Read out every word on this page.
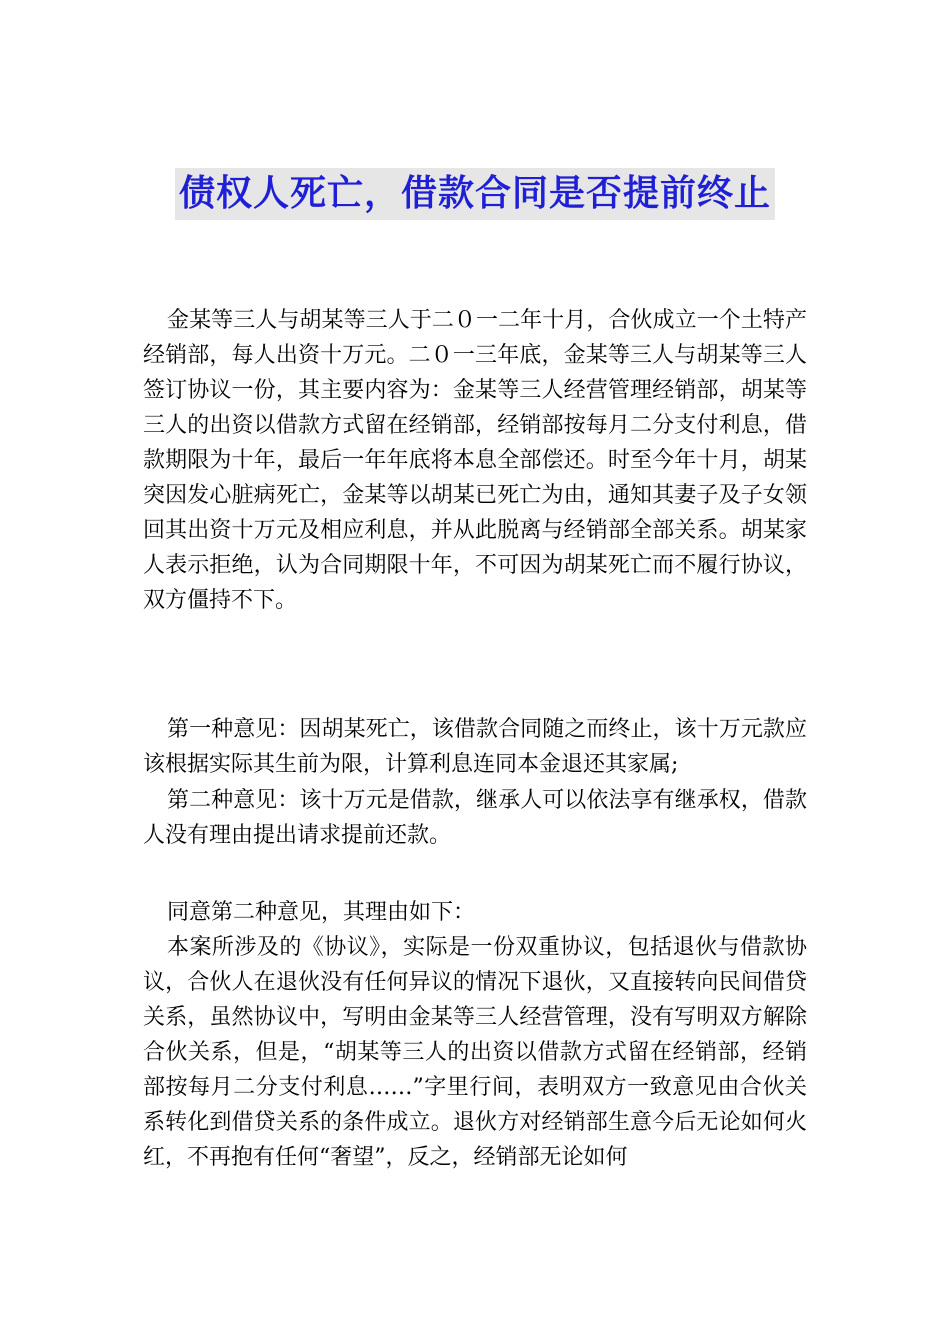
债权人死亡，借款合同是否提前终止

金某等三人与胡某等三人于二０一二年十月，合伙成立一个土特产经销部，每人出资十万元。二０一三年底，金某等三人与胡某等三人签订协议一份，其主要内容为：金某等三人经营管理经销部，胡某等三人的出资以借款方式留在经销部，经销部按每月二分支付利息，借款期限为十年，最后一年年底将本息全部偿还。时至今年十月，胡某突因发心脏病死亡，金某等以胡某已死亡为由，通知其妻子及子女领回其出资十万元及相应利息，并从此脱离与经销部全部关系。胡某家人表示拒绝，认为合同期限十年，不可因为胡某死亡而不履行协议，双方僵持不下。

第一种意见：因胡某死亡，该借款合同随之而终止，该十万元款应该根据实际其生前为限，计算利息连同本金退还其家属;

第二种意见：该十万元是借款，继承人可以依法享有继承权，借款人没有理由提出请求提前还款。

同意第二种意见，其理由如下：

本案所涉及的《协议》，实际是一份双重协议，包括退伙与借款协议，合伙人在退伙没有任何异议的情况下退伙，又直接转向民间借贷关系，虽然协议中，写明由金某等三人经营管理，没有写明双方解除合伙关系，但是，“胡某等三人的出资以借款方式留在经销部，经销部按每月二分支付利息……”字里行间，表明双方一致意见由合伙关系转化到借贷关系的条件成立。退伙方对经销部生意今后无论如何火红，不再抱有任何“奢望”，反之，经销部无论如何
